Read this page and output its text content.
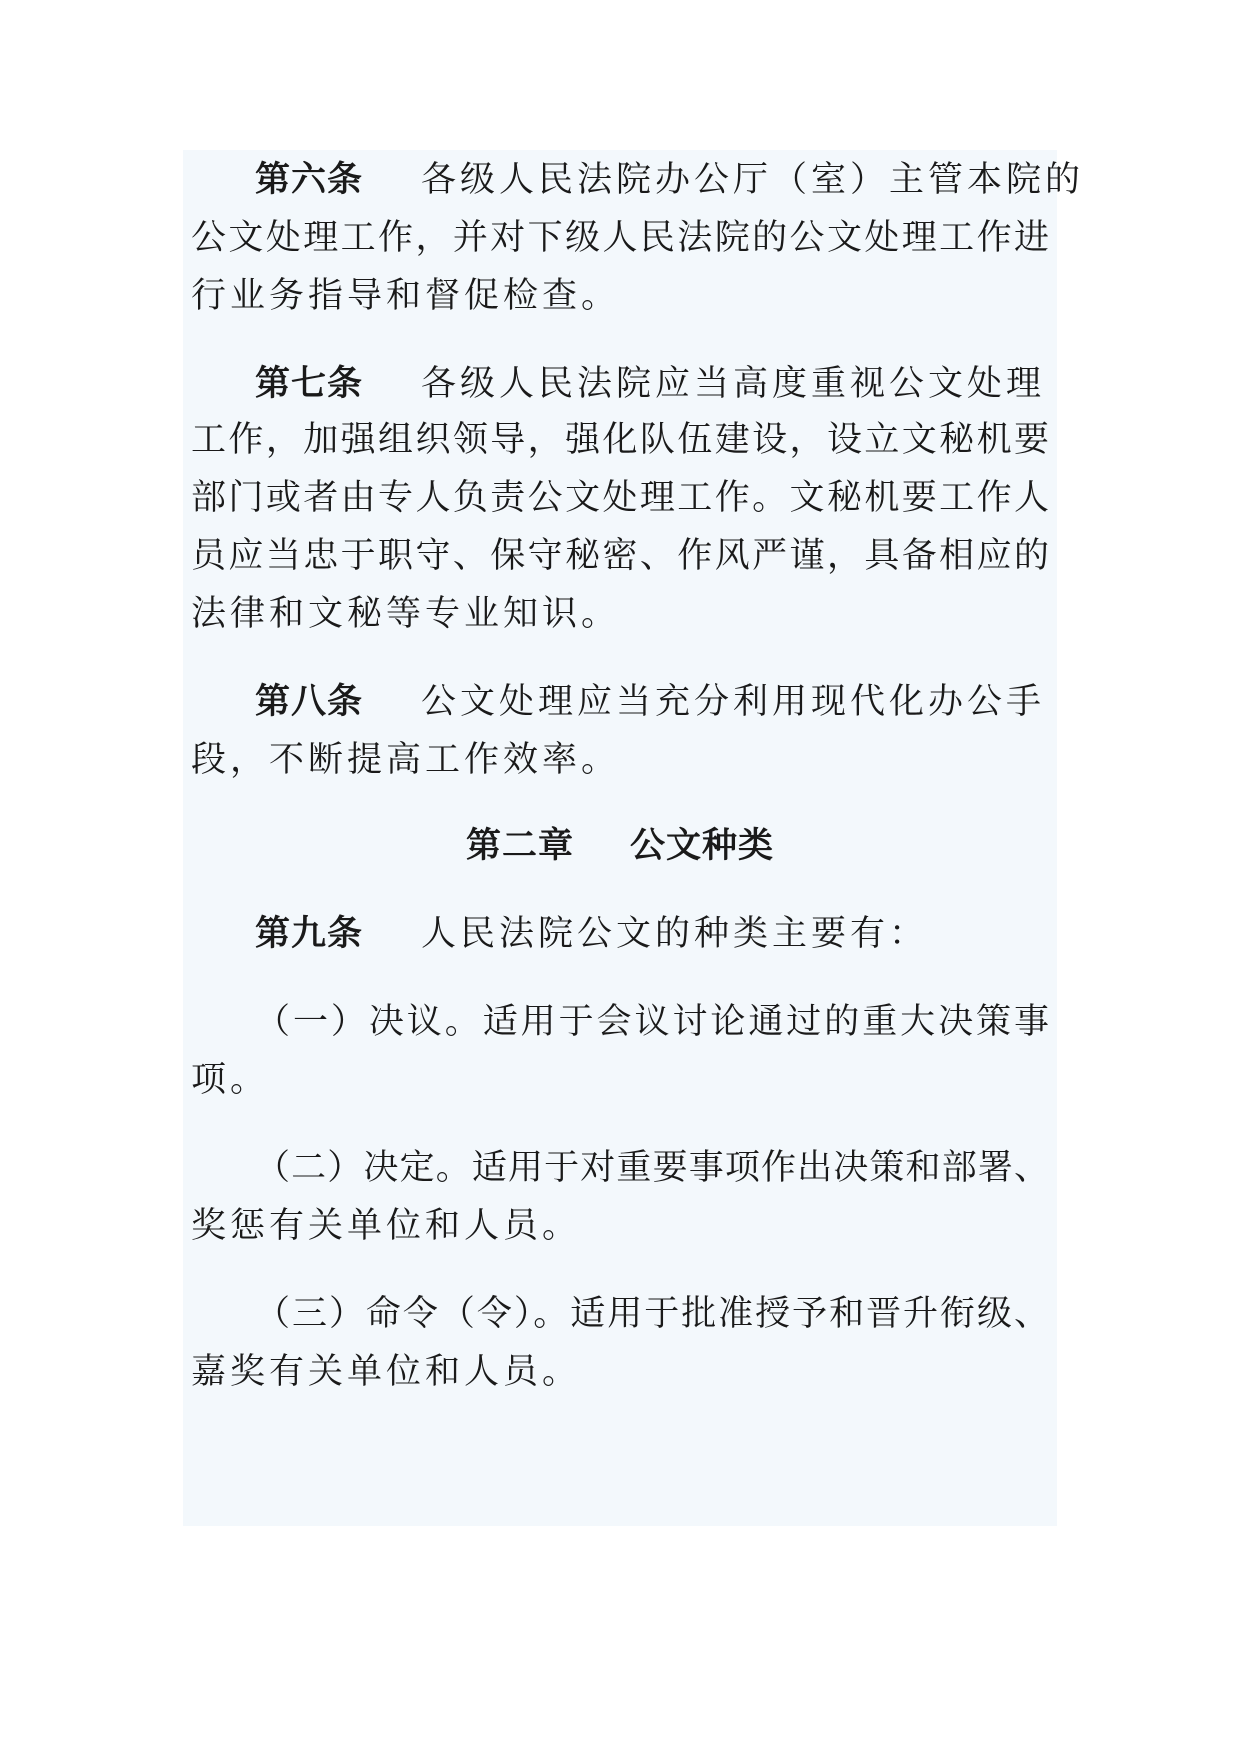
第六条 各级人民法院办公厅（室）主管本院的
公文处理工作，并对下级人民法院的公文处理工作进
行业务指导和督促检查。
第七条 各级人民法院应当高度重视公文处理
工作，加强组织领导，强化队伍建设，设立文秘机要
部门或者由专人负责公文处理工作。文秘机要工作人
员应当忠于职守、保守秘密、作风严谨，具备相应的
法律和文秘等专业知识。
第八条 公文处理应当充分利用现代化办公手
段，不断提高工作效率。
第二章 公文种类
第九条 人民法院公文的种类主要有：
（一）决议。适用于会议讨论通过的重大决策事
项。
（二）决定。适用于对重要事项作出决策和部署、
奖惩有关单位和人员。
（三）命令（令）。适用于批准授予和晋升衔级、
嘉奖有关单位和人员。
